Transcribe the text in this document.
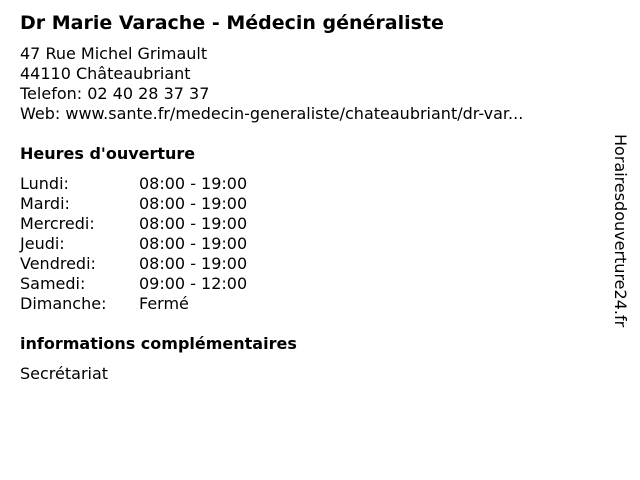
Dr Marie Varache - Médecin généraliste
47 Rue Michel Grimault
44110 Châteaubriant
Telefon: 02 40 28 37 37
Web: www.sante.fr/medecin-generaliste/chateaubriant/dr-var...
Heures d'ouverture
Lundi:	08:00 - 19:00
Mardi:	08:00 - 19:00
Mercredi:	08:00 - 19:00
Jeudi:	08:00 - 19:00
Vendredi:	08:00 - 19:00
Samedi:	09:00 - 12:00
Dimanche: Fermé
informations complémentaires
Secrétariat
Horairesdouverture24.fr
